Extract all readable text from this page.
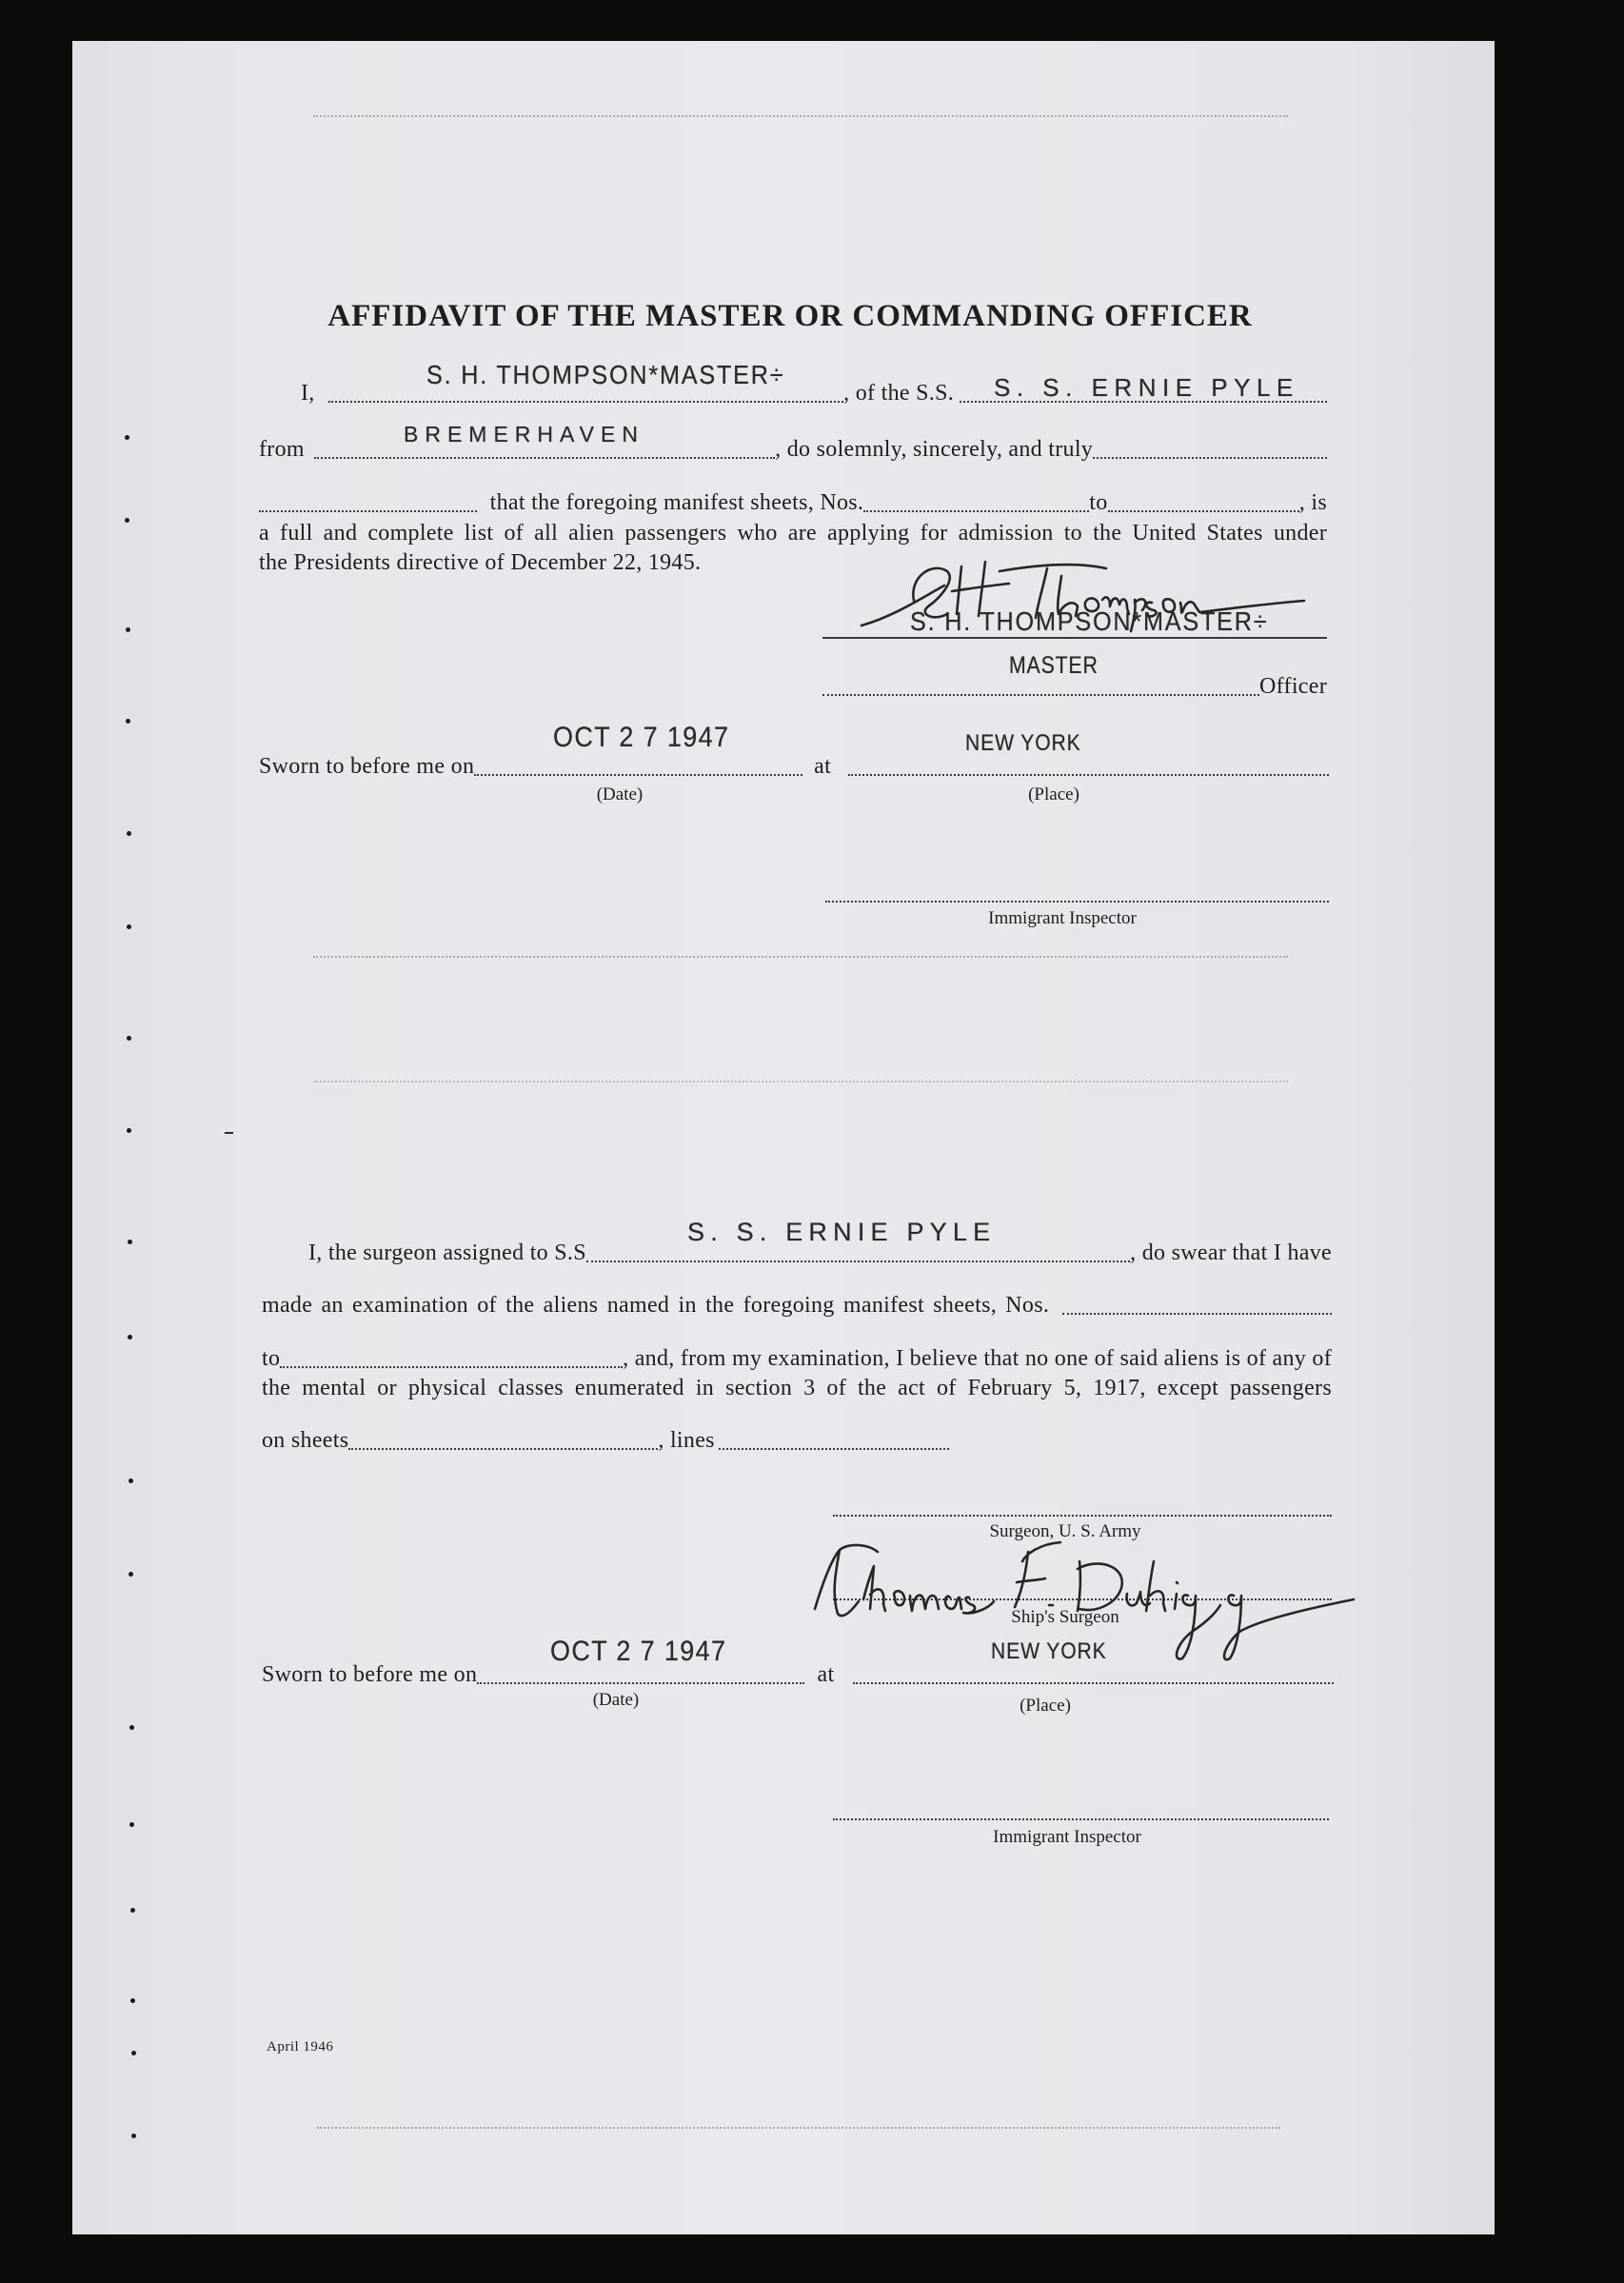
AFFIDAVIT OF THE MASTER OR COMMANDING OFFICER
I,	, of the S.S.
from	, do solemnly, sincerely, and truly
that the foregoing manifest sheets, Nos.	to	, is
a full and complete list of all alien passengers who are applying for admission to the United States under
the Presidents directive of December 22, 1945.
S. H. THOMPSON*MASTER÷	S. S. ERNIE PYLE
BREMERHAVEN
S. H. THOMPSON*MASTER÷
MASTER
Officer
Sworn to before me on	at
OCT 2 7 1947	NEW YORK
(Date)	(Place)
Immigrant Inspector
S. S. ERNIE PYLE
I, the surgeon assigned to S.S	, do swear that I have
made an examination of the aliens named in the foregoing manifest sheets, Nos.
to	, and, from my examination, I believe that no one of said aliens is of any of
the mental or physical classes enumerated in section 3 of the act of February 5, 1917, except passengers
on sheets	, lines
Surgeon, U. S. Army
Ship's Surgeon
Sworn to before me on	at
OCT 2 7 1947	NEW YORK
(Date)	(Place)
Immigrant Inspector
April 1946
